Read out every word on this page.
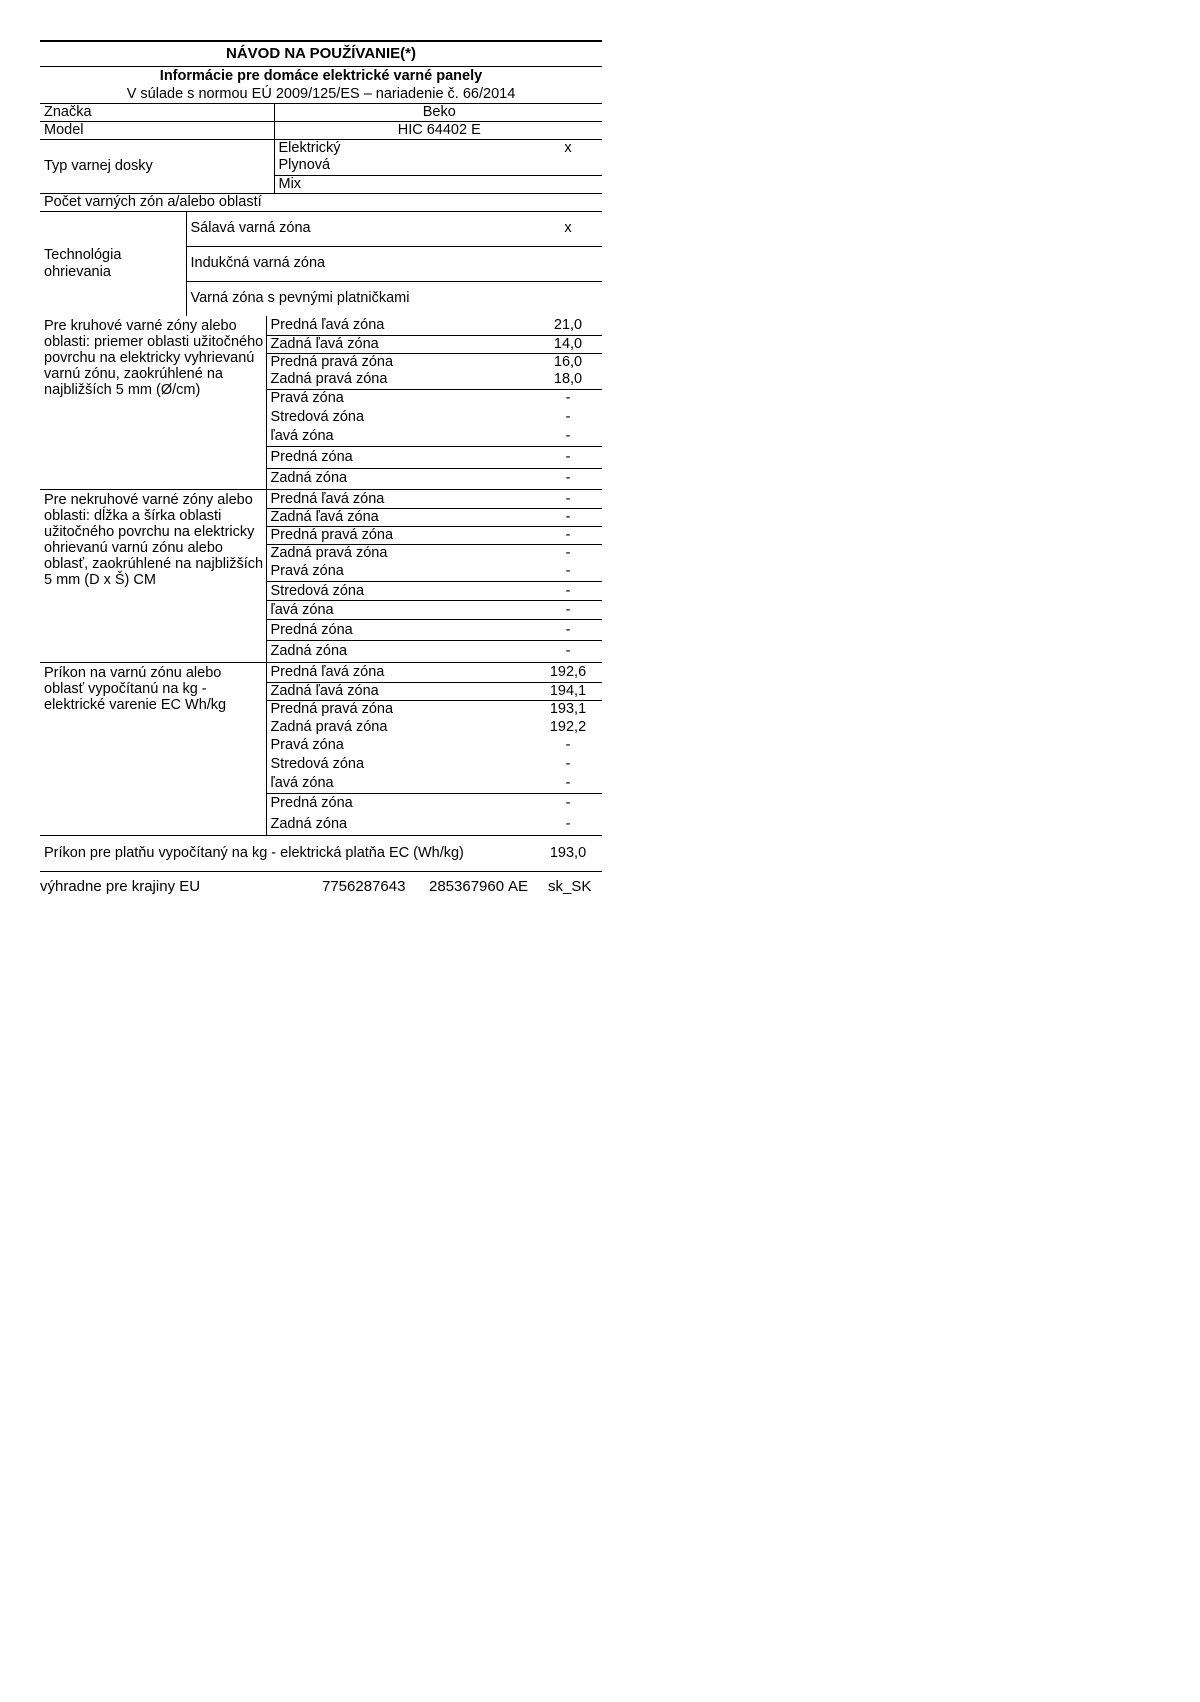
NÁVOD NA POUŽÍVANIE(*)
Informácie pre domáce elektrické varné panely
V súlade s normou EÚ 2009/125/ES – nariadenie č. 66/2014
Značka	Beko	
Model	HIC 64402 E	
Typ varnej dosky	Elektrický	x
	Plynová	
	Mix	
Počet varných zón a/alebo oblastí		
Technológia ohrievania	Sálavá varná zóna	x
	Indukčná varná zóna	
	Varná zóna s pevnými platničkami	
Pre kruhové varné zóny alebo oblasti: priemer oblasti užitočného povrchu na elektricky vyhrievanú varnú zónu, zaokrúhlené na najbližších 5 mm (Ø/cm)	Predná ľavá zóna	21,0
	Zadná ľavá zóna	14,0
	Predná pravá zóna	16,0
	Zadná pravá zóna	18,0
	Pravá zóna	-
	Stredová zóna	-
	ľavá zóna	-
	Predná zóna	-
	Zadná zóna	-
Pre nekruhové varné zóny alebo oblasti: dĺžka a šírka oblasti užitočného povrchu na elektricky ohrievanú varnú zónu alebo oblasť, zaokrúhlené na najbližších 5 mm (D x Š) CM	Predná ľavá zóna	-
	Zadná ľavá zóna	-
	Predná pravá zóna	-
	Zadná pravá zóna	-
	Pravá zóna	-
	Stredová zóna	-
	ľavá zóna	-
	Predná zóna	-
	Zadná zóna	-
Príkon na varnú zónu alebo oblasť vypočítanú na kg - elektrické varenie EC Wh/kg	Predná ľavá zóna	192,6
	Zadná ľavá zóna	194,1
	Predná pravá zóna	193,1
	Zadná pravá zóna	192,2
	Pravá zóna	-
	Stredová zóna	-
	ľavá zóna	-
	Predná zóna	-
	Zadná zóna	-
Príkon pre platňu vypočítaný na kg - elektrická platňa EC (Wh/kg)	193,0
výhradne pre krajiny EU	7756287643	285367960 AE	sk_SK
